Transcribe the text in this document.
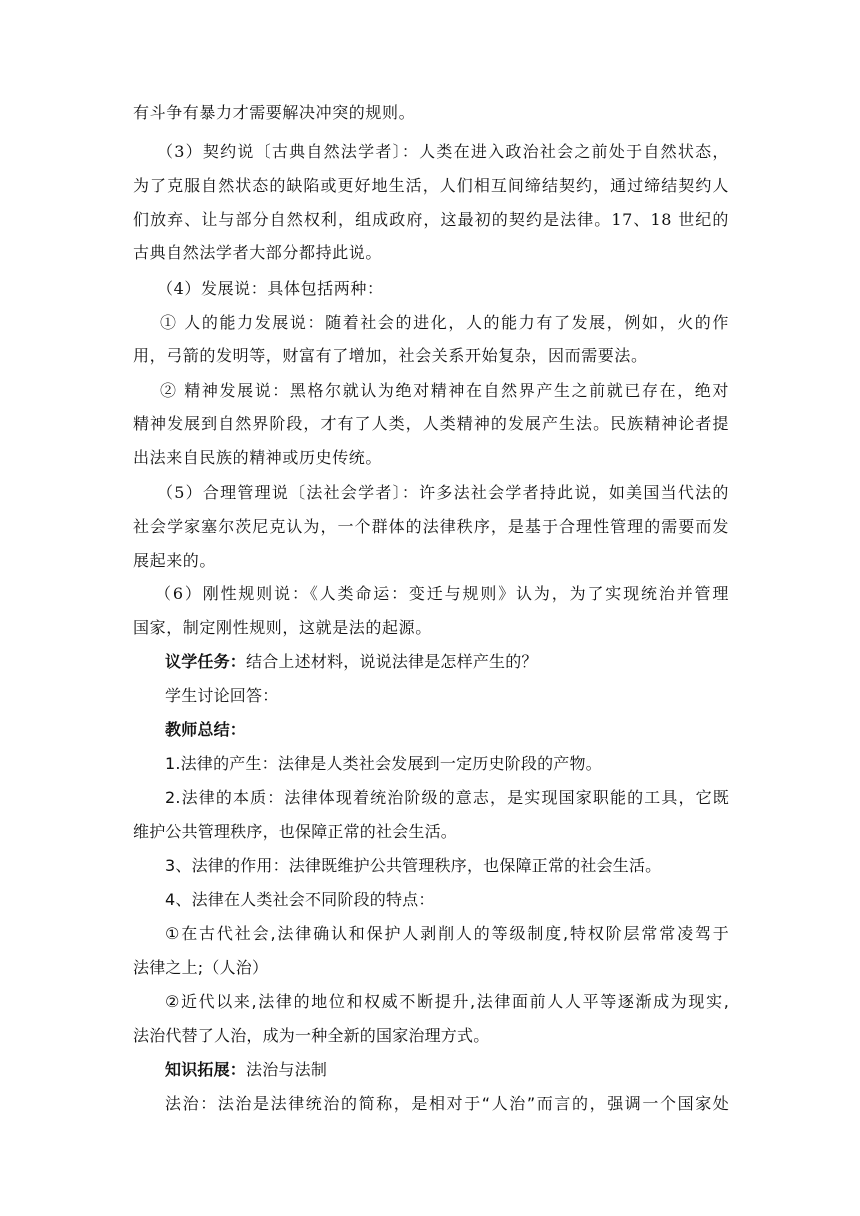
有斗争有暴力才需要解决冲突的规则。
（3）契约说〔古典自然法学者〕：人类在进入政治社会之前处于自然状态，
为了克服自然状态的缺陷或更好地生活，人们相互间缔结契约，通过缔结契约人
们放弃、让与部分自然权利，组成政府，这最初的契约是法律。17、18 世纪的
古典自然法学者大部分都持此说。
（4）发展说：具体包括两种：
① 人的能力发展说：随着社会的进化，人的能力有了发展，例如，火的作
用，弓箭的发明等，财富有了增加，社会关系开始复杂，因而需要法。
② 精神发展说：黑格尔就认为绝对精神在自然界产生之前就已存在，绝对
精神发展到自然界阶段，才有了人类，人类精神的发展产生法。民族精神论者提
出法来自民族的精神或历史传统。
（5）合理管理说〔法社会学者〕：许多法社会学者持此说，如美国当代法的
社会学家塞尔茨尼克认为，一个群体的法律秩序，是基于合理性管理的需要而发
展起来的。
（6）刚性规则说：《人类命运：变迁与规则》认为，为了实现统治并管理
国家，制定刚性规则，这就是法的起源。
议学任务：结合上述材料，说说法律是怎样产生的？
学生讨论回答：
教师总结：
1.法律的产生：法律是人类社会发展到一定历史阶段的产物。
2.法律的本质：法律体现着统治阶级的意志，是实现国家职能的工具，它既
维护公共管理秩序，也保障正常的社会生活。
3、法律的作用：法律既维护公共管理秩序，也保障正常的社会生活。
4、法律在人类社会不同阶段的特点：
①在古代社会,法律确认和保护人剥削人的等级制度,特权阶层常常凌驾于
法律之上;（人治）
②近代以来,法律的地位和权威不断提升,法律面前人人平等逐渐成为现实,
法治代替了人治，成为一种全新的国家治理方式。
知识拓展：法治与法制
法治：法治是法律统治的简称，是相对于“人治”而言的，强调一个国家处
